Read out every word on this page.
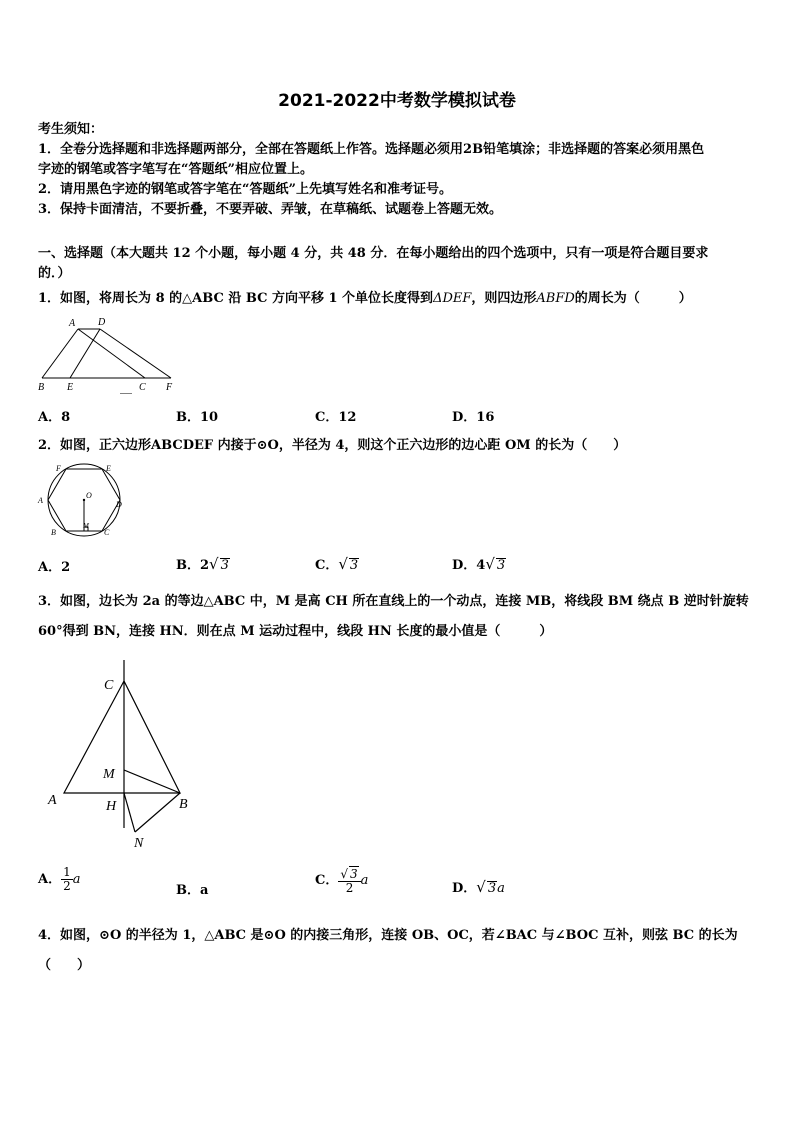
2021-2022中考数学模拟试卷
考生须知：
1．全卷分选择题和非选择题两部分，全部在答题纸上作答。选择题必须用2B铅笔填涂；非选择题的答案必须用黑色
字迹的钢笔或答字笔写在“答题纸”相应位置上。
2．请用黑色字迹的钢笔或答字笔在“答题纸”上先填写姓名和准考证号。
3．保持卡面清洁，不要折叠，不要弄破、弄皱，在草稿纸、试题卷上答题无效。
一、选择题（本大题共 12 个小题，每小题 4 分，共 48 分．在每小题给出的四个选项中，只有一项是符合题目要求
的．）
1．如图，将周长为 8 的△ABC 沿 BC 方向平移 1 个单位长度得到ΔDEF，则四边形ABFD的周长为（　　　）
A D
B E	C F
A．8	B．10	C．12	D．16
2．如图，正六边形ABCDEF 内接于⊙O，半径为 4，则这个正六边形的边心距 OM 的长为（　　）
F	E
A	D
B	C
O
M
A．2	B．2√ 3	C．√ 3	D．4√ 3
3．如图，边长为 2a 的等边△ABC 中，M 是高 CH 所在直线上的一个动点，连接 MB，将线段 BM 绕点 B 逆时针旋转
60°得到 BN，连接 HN．则在点 M 运动过程中，线段 HN 长度的最小值是（　　　）
C
M
A	H	B
N
A． $\frac{1}{2}$ a
B．a
C． $\frac{√ 3}{2}$ a
D．√ 3a
4．如图，⊙O 的半径为 1，△ABC 是⊙O 的内接三角形，连接 OB、OC，若∠BAC 与∠BOC 互补，则弦 BC 的长为
（　　）
